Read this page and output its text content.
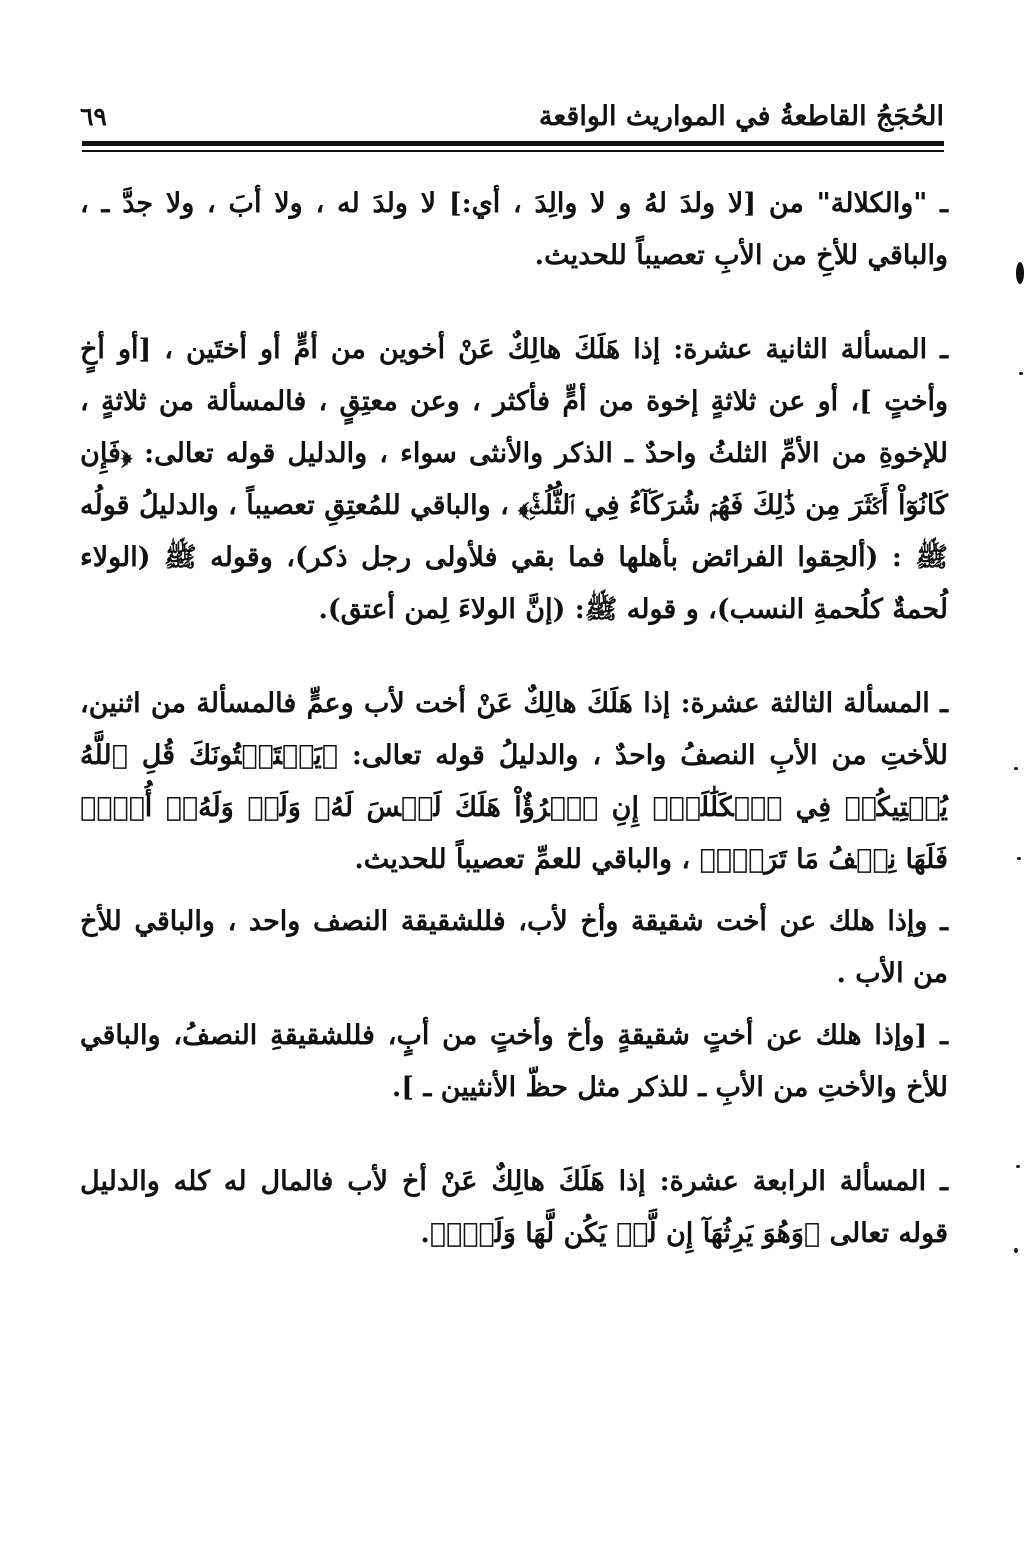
الحُجَجُ القاطعةُ في المواريث الواقعة
٦٩

ـ "والكلالة" من [لا ولدَ لهُ و لا والِدَ ، أي:] لا ولدَ له ، ولا أبَ ، ولا جدَّ ـ ، والباقي للأخِ من الأبِ تعصيباً للحديث.

ـ المسألة الثانية عشرة: إذا هَلَكَ هالِكٌ عَنْ أخوين من أمٍّ أو أختَين ، [أو أخٍ وأختٍ ]، أو عن ثلاثةٍ إخوة من أمٍّ فأكثر ، وعن معتِقٍ ، فالمسألة من ثلاثةٍ ، للإخوةِ من الأمِّ الثلثُ واحدٌ ـ الذكر والأنثى سواء ، والدليل قوله تعالى: ﴿فَإِن كَانُوٓاْ أَكۡثَرَ مِن ذَٰلِكَ فَهُمۡ شُرَكَآءُ فِي ٱلثُّلُثِۚ﴾ ، والباقي للمُعتِقِ تعصيباً ، والدليلُ قولُه ﷺ : (ألحِقوا الفرائض بأهلها فما بقي فلأولى رجل ذكر)، وقوله ﷺ (الولاء لُحمةٌ كلُحمةِ النسب)، و قوله ﷺ: (إنَّ الولاءَ لِمن أعتق).

ـ المسألة الثالثة عشرة: إذا هَلَكَ هالِكٌ عَنْ أخت لأب وعمٍّ فالمسألة من اثنين، للأختِ من الأبِ النصفُ واحدٌ ، والدليلُ قوله تعالى: ﴿يَسۡتَفۡتُونَكَ قُلِ ٱللَّهُ يُفۡتِيكُمۡ فِي ٱلۡكَلَٰلَةِۚ إِنِ ٱمۡرُؤٌاْ هَلَكَ لَيۡسَ لَهُۥ وَلَدٞ وَلَهُۥٓ أُخۡتٞ فَلَهَا نِصۡفُ مَا تَرَكَۚ﴾ ، والباقي للعمِّ تعصيباً للحديث.

ـ وإذا هلك عن أخت شقيقة وأخ لأب، فللشقيقة النصف واحد ، والباقي للأخ من الأب .

ـ [وإذا هلك عن أختٍ شقيقةٍ وأخ وأختٍ من أبٍ، فللشقيقةِ النصفُ، والباقي للأخ والأختِ من الأبِ ـ للذكر مثل حظّ الأنثيين ـ ].

ـ المسألة الرابعة عشرة: إذا هَلَكَ هالِكٌ عَنْ أخ لأب فالمال له كله والدليل قوله تعالى ﴿وَهُوَ يَرِثُهَآ إِن لَّمۡ يَكُن لَّهَا وَلَدٞۚ﴾.
